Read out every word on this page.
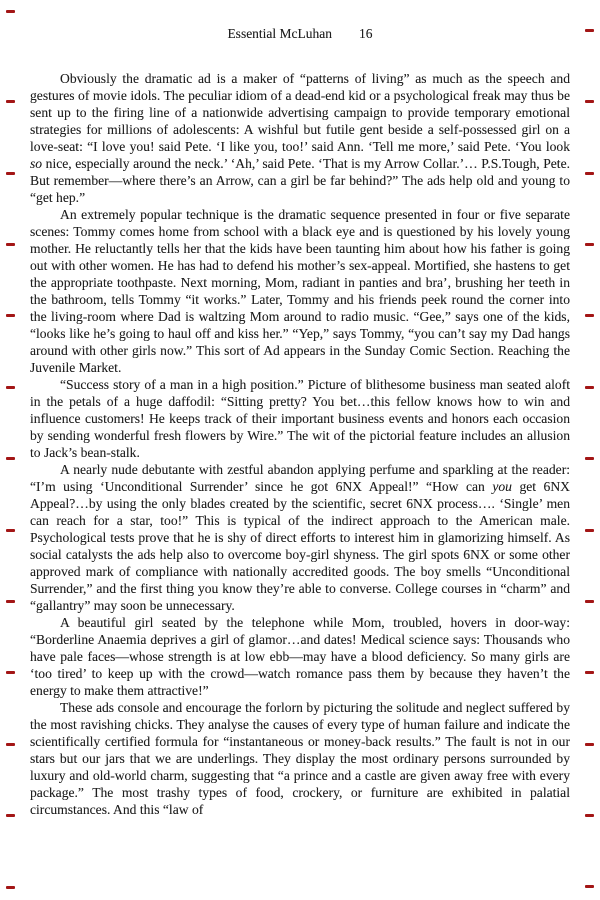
Essential McLuhan 16

Obviously the dramatic ad is a maker of “patterns of living” as much as the speech and gestures of movie idols. The peculiar idiom of a dead-end kid or a psychological freak may thus be sent up to the firing line of a nationwide advertising campaign to provide temporary emotional strategies for millions of adolescents: A wishful but futile gent beside a self-possessed girl on a love-seat: “I love you! said Pete. ‘I like you, too!’ said Ann. ‘Tell me more,’ said Pete. ‘You look so nice, especially around the neck.’ ‘Ah,’ said Pete. ‘That is my Arrow Collar.’… P.S.Tough, Pete. But remember—where there’s an Arrow, can a girl be far behind?” The ads help old and young to “get hep.”

An extremely popular technique is the dramatic sequence presented in four or five separate scenes: Tommy comes home from school with a black eye and is questioned by his lovely young mother. He reluctantly tells her that the kids have been taunting him about how his father is going out with other women. He has had to defend his mother’s sex-appeal. Mortified, she hastens to get the appropriate toothpaste. Next morning, Mom, radiant in panties and bra’, brushing her teeth in the bathroom, tells Tommy “it works.” Later, Tommy and his friends peek round the corner into the living-room where Dad is waltzing Mom around to radio music. “Gee,” says one of the kids, “looks like he’s going to haul off and kiss her.” “Yep,” says Tommy, “you can’t say my Dad hangs around with other girls now.” This sort of Ad appears in the Sunday Comic Section. Reaching the Juvenile Market.

“Success story of a man in a high position.” Picture of blithesome business man seated aloft in the petals of a huge daffodil: “Sitting pretty? You bet…this fellow knows how to win and influence customers! He keeps track of their important business events and honors each occasion by sending wonderful fresh flowers by Wire.” The wit of the pictorial feature includes an allusion to Jack’s bean-stalk.

A nearly nude debutante with zestful abandon applying perfume and sparkling at the reader: “I’m using ‘Unconditional Surrender’ since he got 6NX Appeal!” “How can you get 6NX Appeal?…by using the only blades created by the scientific, secret 6NX process…. ‘Single’ men can reach for a star, too!” This is typical of the indirect approach to the American male. Psychological tests prove that he is shy of direct efforts to interest him in glamorizing himself. As social catalysts the ads help also to overcome boy-girl shyness. The girl spots 6NX or some other approved mark of compliance with nationally accredited goods. The boy smells “Unconditional Surrender,” and the first thing you know they’re able to converse. College courses in “charm” and “gallantry” may soon be unnecessary.

A beautiful girl seated by the telephone while Mom, troubled, hovers in door-way: “Borderline Anaemia deprives a girl of glamor…and dates! Medical science says: Thousands who have pale faces—whose strength is at low ebb—may have a blood deficiency. So many girls are ‘too tired’ to keep up with the crowd—watch romance pass them by because they haven’t the energy to make them attractive!”

These ads console and encourage the forlorn by picturing the solitude and neglect suffered by the most ravishing chicks. They analyse the causes of every type of human failure and indicate the scientifically certified formula for “instantaneous or money-back results.” The fault is not in our stars but our jars that we are underlings. They display the most ordinary persons surrounded by luxury and old-world charm, suggesting that “a prince and a castle are given away free with every package.” The most trashy types of food, crockery, or furniture are exhibited in palatial circumstances. And this “law of
